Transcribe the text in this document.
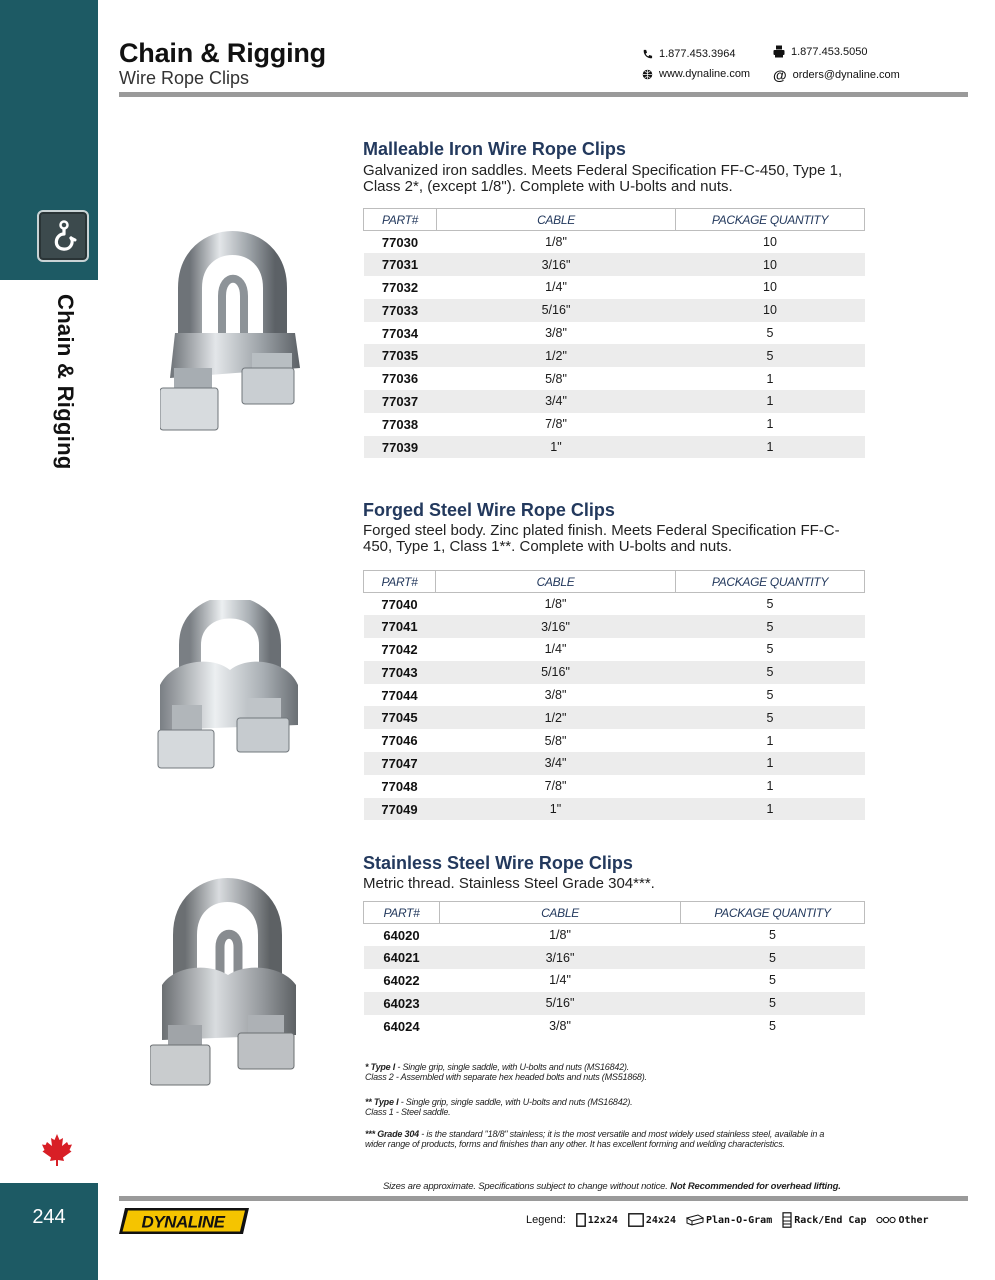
Chain & Rigging
244
Chain & Rigging
Wire Rope Clips
1.877.453.3964	1.877.453.5050
www.dynaline.com @ orders@dynaline.com
Malleable Iron Wire Rope Clips
Galvanized iron saddles. Meets Federal Specification FF-C-450, Type 1, Class 2*, (except 1/8"). Complete with U-bolts and nuts.
PART#	CABLE	PACKAGE QUANTITY
77030	1/8"	10
77031	3/16"	10
77032	1/4"	10
77033	5/16"	10
77034	3/8"	5
77035	1/2"	5
77036	5/8"	1
77037	3/4"	1
77038	7/8"	1
77039	1"	1
Forged Steel Wire Rope Clips
Forged steel body. Zinc plated finish. Meets Federal Specification FF-C-450, Type 1, Class 1**. Complete with U-bolts and nuts.
PART#	CABLE	PACKAGE QUANTITY
77040	1/8"	5
77041	3/16"	5
77042	1/4"	5
77043	5/16"	5
77044	3/8"	5
77045	1/2"	5
77046	5/8"	1
77047	3/4"	1
77048	7/8"	1
77049	1"	1
Stainless Steel Wire Rope Clips
Metric thread. Stainless Steel Grade 304***.
PART#	CABLE	PACKAGE QUANTITY
64020	1/8"	5
64021	3/16"	5
64022	1/4"	5
64023	5/16"	5
64024	3/8"	5
* Type I - Single grip, single saddle, with U-bolts and nuts (MS16842).
Class 2 - Assembled with separate hex headed bolts and nuts (MS51868).
** Type I - Single grip, single saddle, with U-bolts and nuts (MS16842).
Class 1 - Steel saddle.
*** Grade 304 - is the standard "18/8" stainless; it is the most versatile and most widely used stainless steel, available in a wider range of products, forms and finishes than any other. It has excellent forming and welding characteristics.
Sizes are approximate. Specifications subject to change without notice. Not Recommended for overhead lifting.
DYNALINE	Legend: 12x24	24x24	Plan-O-Gram Rack/End Cap	Other
